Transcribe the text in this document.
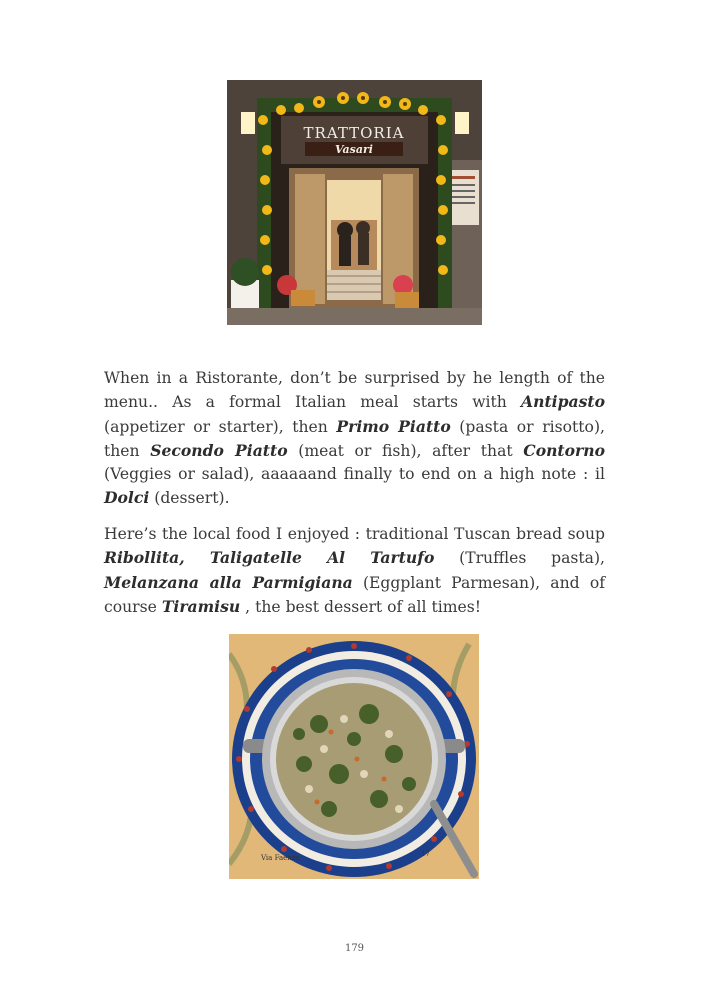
TRATTORIA
Vasari

When in a Ristorante, don’t be surprised by he length of the menu.. As a formal Italian meal starts with Antipasto (appetizer or starter), then Primo Piatto (pasta or risotto), then Secondo Piatto (meat or fish), after that Contorno (Veggies or salad), aaaaaand finally to end on a high note : il Dolci (dessert).

Here’s the local food I enjoyed : traditional Tuscan bread soup Ribollita, Taligatelle Al Tartufo (Truffles pasta), Melanzana alla Parmigiana (Eggplant Parmesan), and of course Tiramisu , the best dessert of all times!

Via Faenza	17
179
